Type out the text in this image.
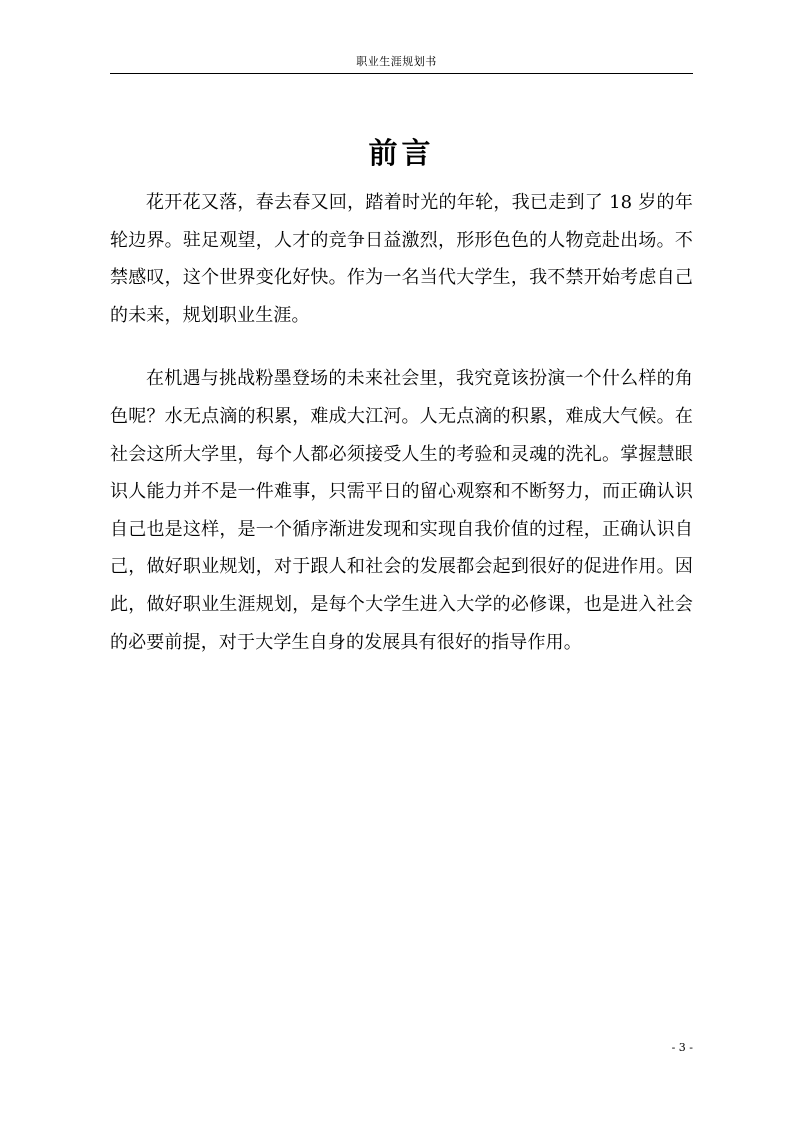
职业生涯规划书
前言

花开花又落，春去春又回，踏着时光的年轮，我已走到了 18 岁的年轮边界。驻足观望，人才的竞争日益激烈，形形色色的人物竞赴出场。不禁感叹，这个世界变化好快。作为一名当代大学生，我不禁开始考虑自己的未来，规划职业生涯。

在机遇与挑战粉墨登场的未来社会里，我究竟该扮演一个什么样的角色呢？水无点滴的积累，难成大江河。人无点滴的积累，难成大气候。在社会这所大学里，每个人都必须接受人生的考验和灵魂的洗礼。掌握慧眼识人能力并不是一件难事，只需平日的留心观察和不断努力，而正确认识自己也是这样，是一个循序渐进发现和实现自我价值的过程，正确认识自己，做好职业规划，对于跟人和社会的发展都会起到很好的促进作用。因此，做好职业生涯规划，是每个大学生进入大学的必修课，也是进入社会的必要前提，对于大学生自身的发展具有很好的指导作用。

- 3 -
